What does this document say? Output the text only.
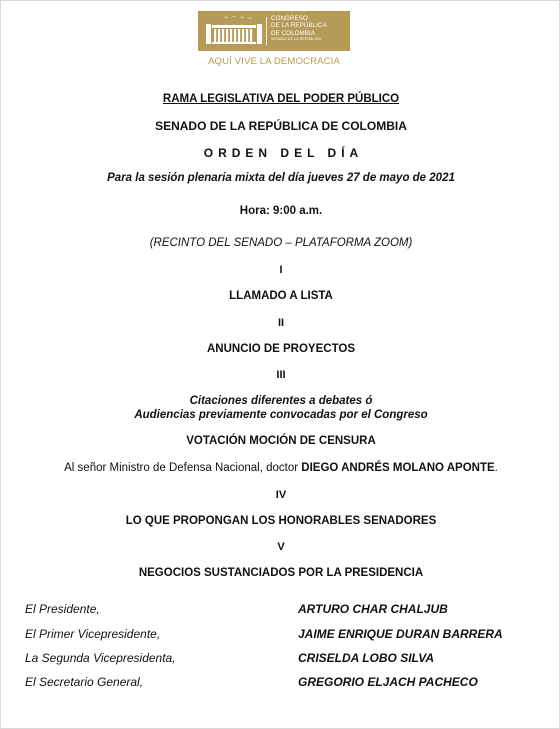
CONGRESO
DE LA REPÚBLICA
DE COLOMBIA

SENADO DE LA REPÚBLICA
AQUÍ VIVE LA DEMOCRACIA
RAMA LEGISLATIVA DEL PODER PÚBLICO
SENADO DE LA REPÚBLICA DE COLOMBIA
ORDEN DEL DÍA
Para la sesión plenaria mixta del día jueves 27 de mayo de 2021
Hora: 9:00 a.m.
(RECINTO DEL SENADO – PLATAFORMA ZOOM)
I
LLAMADO A LISTA
II
ANUNCIO DE PROYECTOS
III
Citaciones diferentes a debates ó
Audiencias previamente convocadas por el Congreso
VOTACIÓN MOCIÓN DE CENSURA
Al señor Ministro de Defensa Nacional, doctor DIEGO ANDRÉS MOLANO APONTE.
IV
LO QUE PROPONGAN LOS HONORABLES SENADORES
V
NEGOCIOS SUSTANCIADOS POR LA PRESIDENCIA
El Presidente,	ARTURO CHAR CHALJUB
El Primer Vicepresidente,	JAIME ENRIQUE DURAN BARRERA
La Segunda Vicepresidenta,	CRISELDA LOBO SILVA
El Secretario General,	GREGORIO ELJACH PACHECO
